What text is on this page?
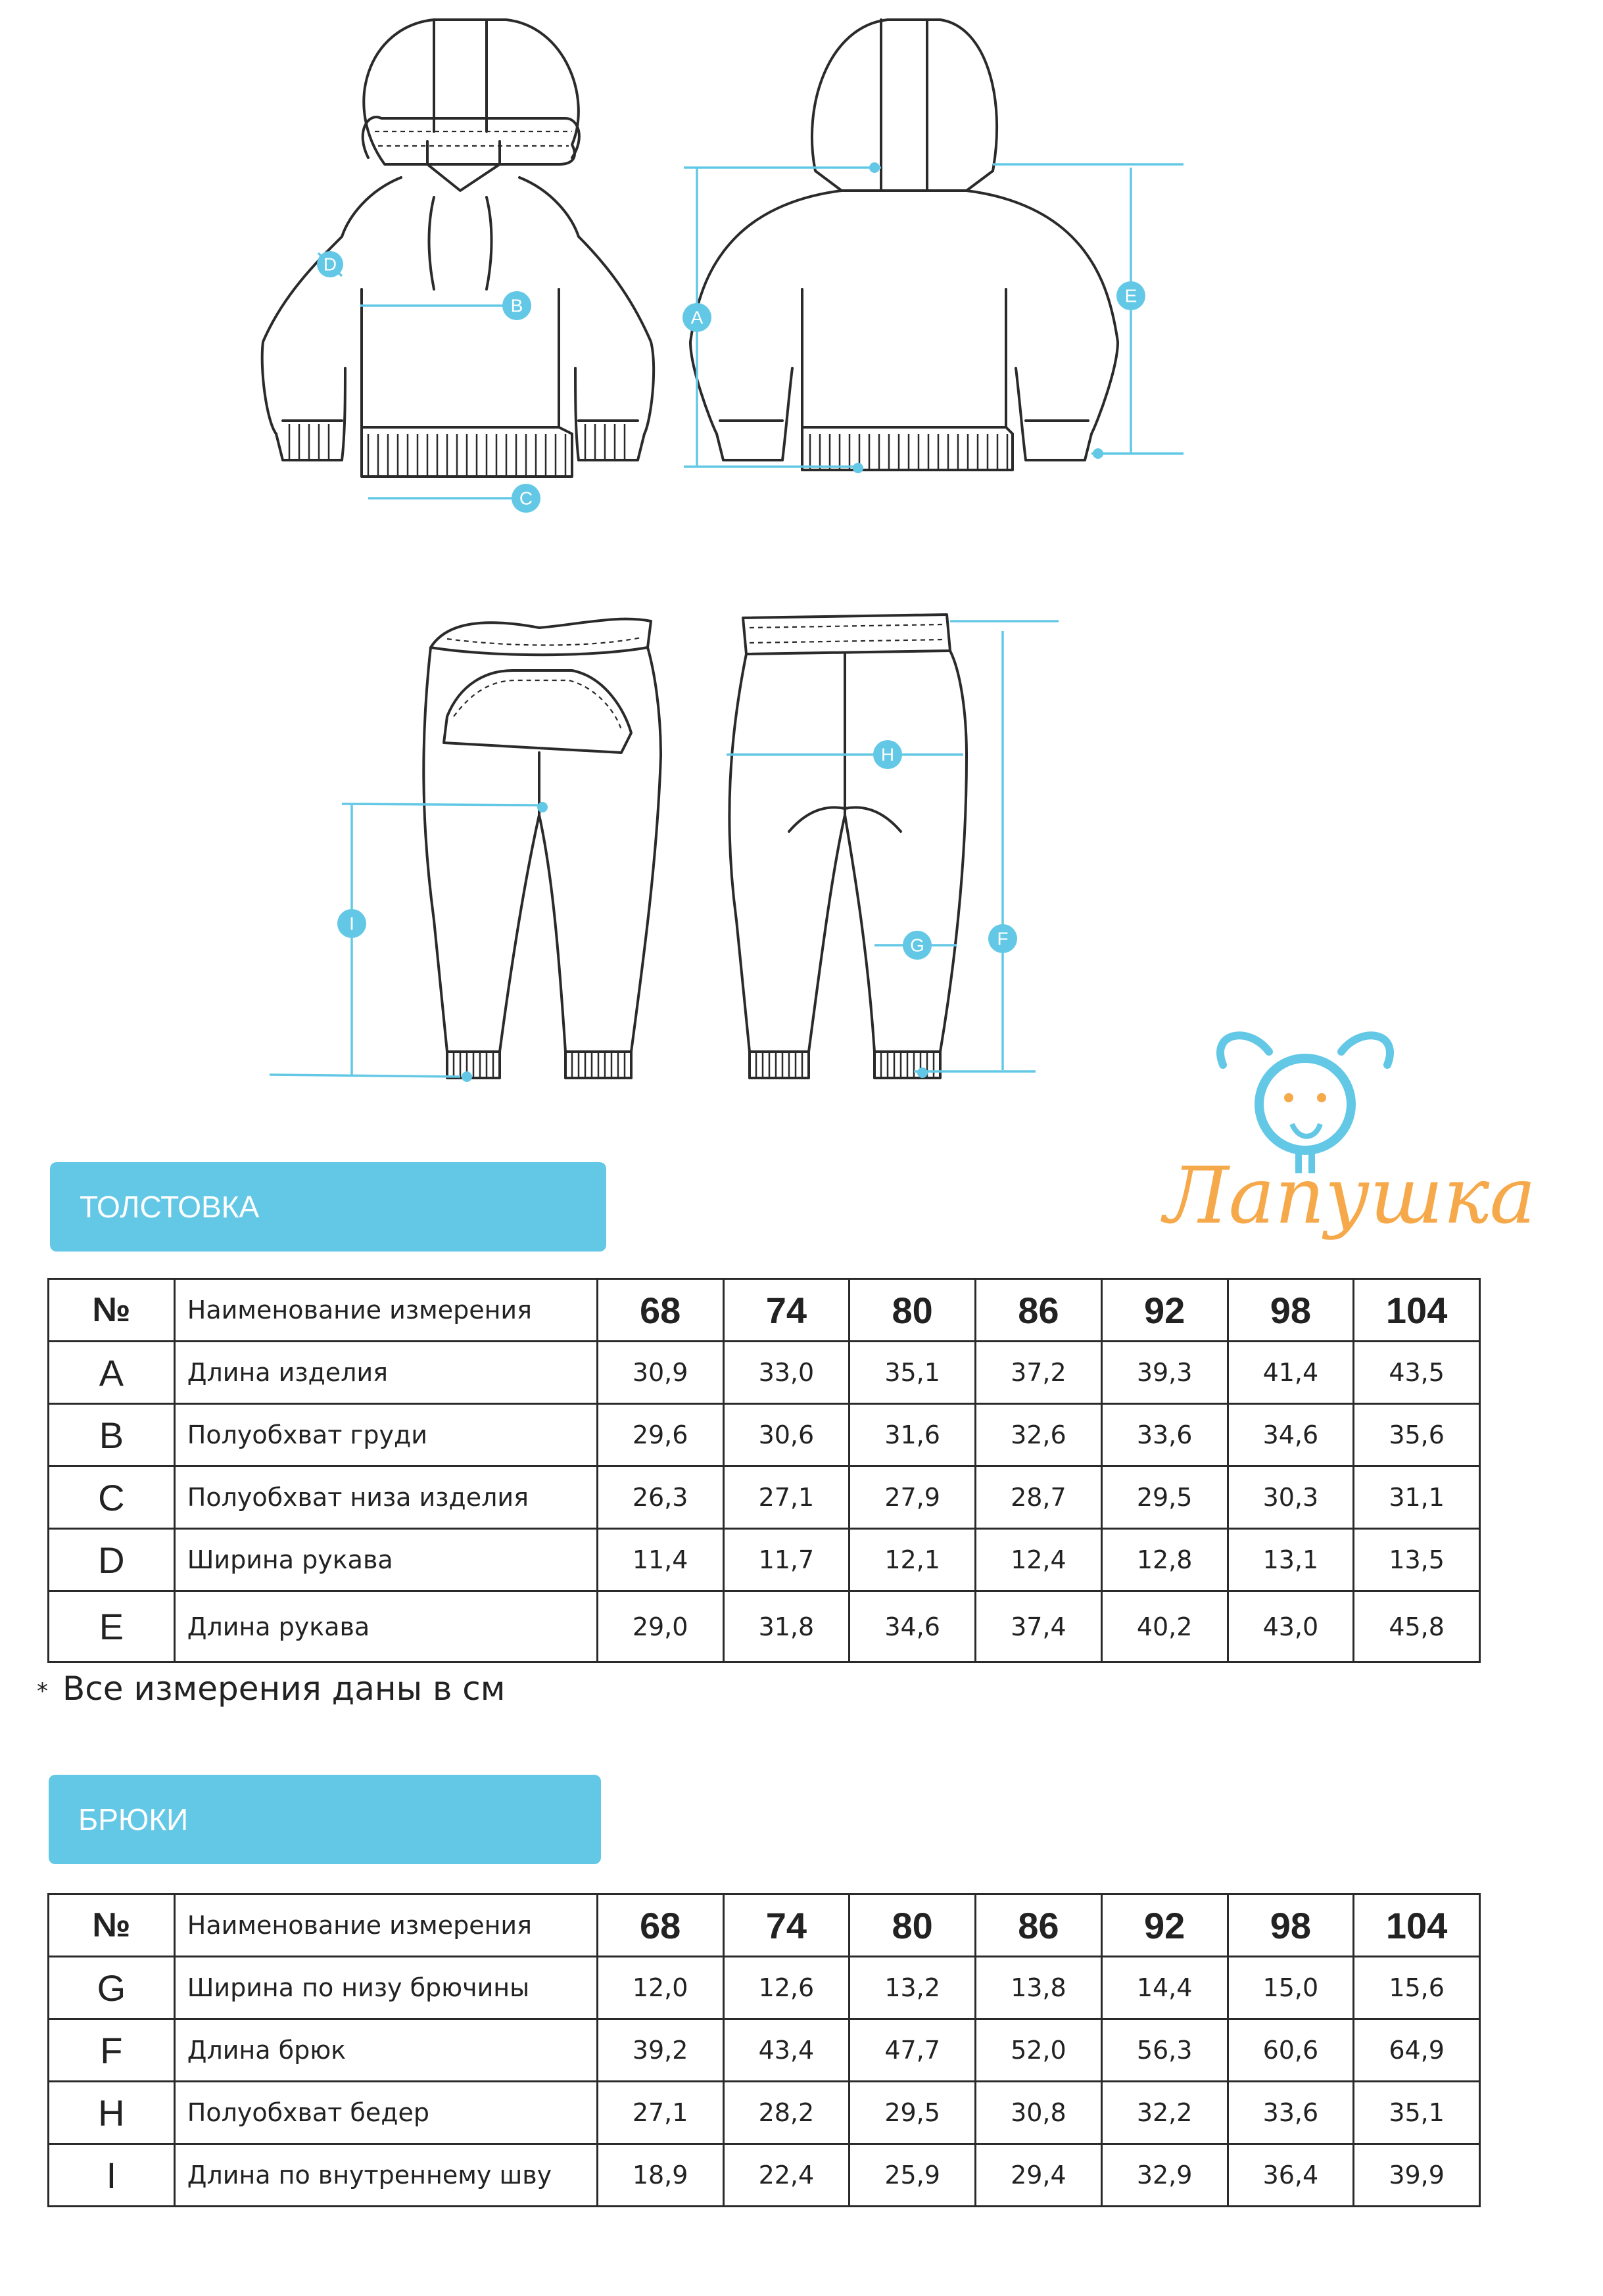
A
B
C
D
E
F
G
H
I
Лапушка
ТОЛСТОВКА
№	Наименование измерения	68	74	80	86	92	98	104
A	Длина изделия	30,9	33,0	35,1	37,2	39,3	41,4	43,5
B	Полуобхват груди	29,6	30,6	31,6	32,6	33,6	34,6	35,6
C	Полуобхват низа изделия	26,3	27,1	27,9	28,7	29,5	30,3	31,1
D	Ширина рукава	11,4	11,7	12,1	12,4	12,8	13,1	13,5
E	Длина рукава	29,0	31,8	34,6	37,4	40,2	43,0	45,8
* Все измерения даны в см
БРЮКИ
№	Наименование измерения	68	74	80	86	92	98	104
G	Ширина по низу брючины	12,0	12,6	13,2	13,8	14,4	15,0	15,6
F	Длина брюк	39,2	43,4	47,7	52,0	56,3	60,6	64,9
H	Полуобхват бедер	27,1	28,2	29,5	30,8	32,2	33,6	35,1
I	Длина по внутреннему шву	18,9	22,4	25,9	29,4	32,9	36,4	39,9
